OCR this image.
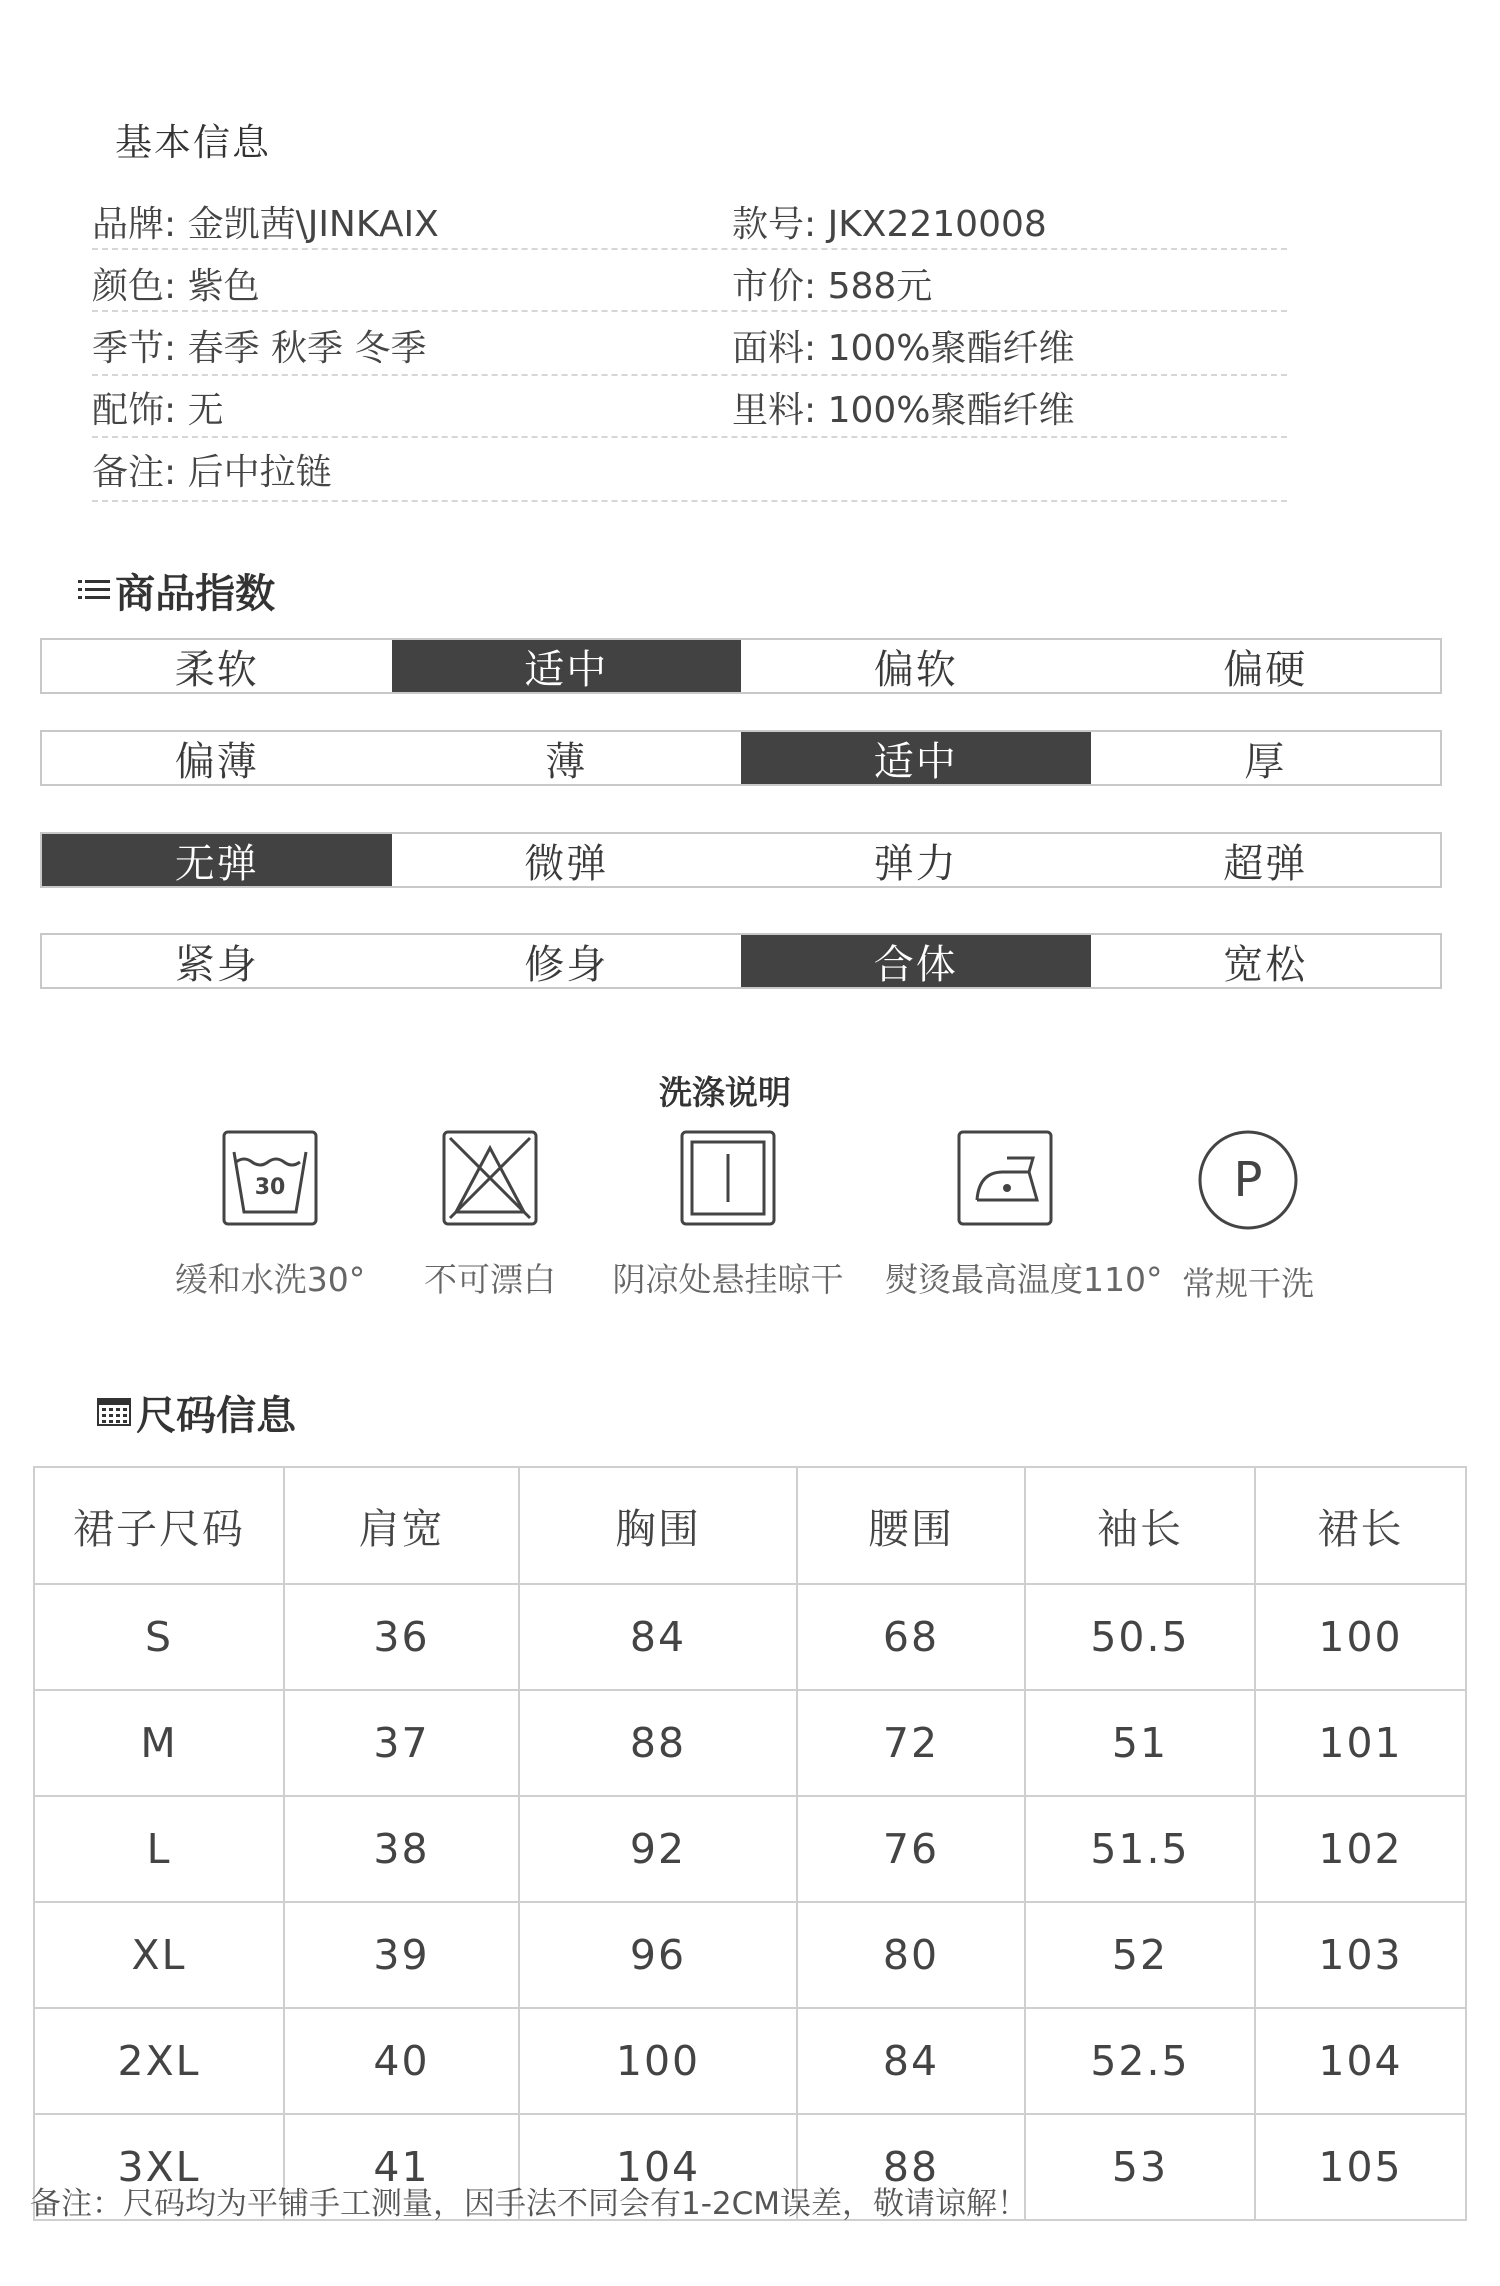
基本信息
品牌: 金凯茜\JINKAIX	款号: JKX2210008
颜色: 紫色	市价: 588元
季节: 春季 秋季 冬季	面料: 100%聚酯纤维
配饰: 无	里料: 100%聚酯纤维
备注: 后中拉链
商品指数
柔软	适中	偏软	偏硬
偏薄	薄	适中	厚
无弹	微弹	弹力	超弹
紧身	修身	合体	宽松
洗涤说明
30
缓和水洗30°	不可漂白	阴凉处悬挂晾干 熨烫最高温度110°
P
常规干洗
尺码信息
裙子尺码	肩宽	胸围	腰围	袖长	裙长
S	36	84	68	50.5	100
M	37	88	72	51	101
L	38	92	76	51.5	102
XL	39	96	80	52	103
2XL	40	100	84	52.5	104
3XL	41	104	88	53	105
备注：尺码均为平铺手工测量，因手法不同会有1-2CM误差，敬请谅解！
